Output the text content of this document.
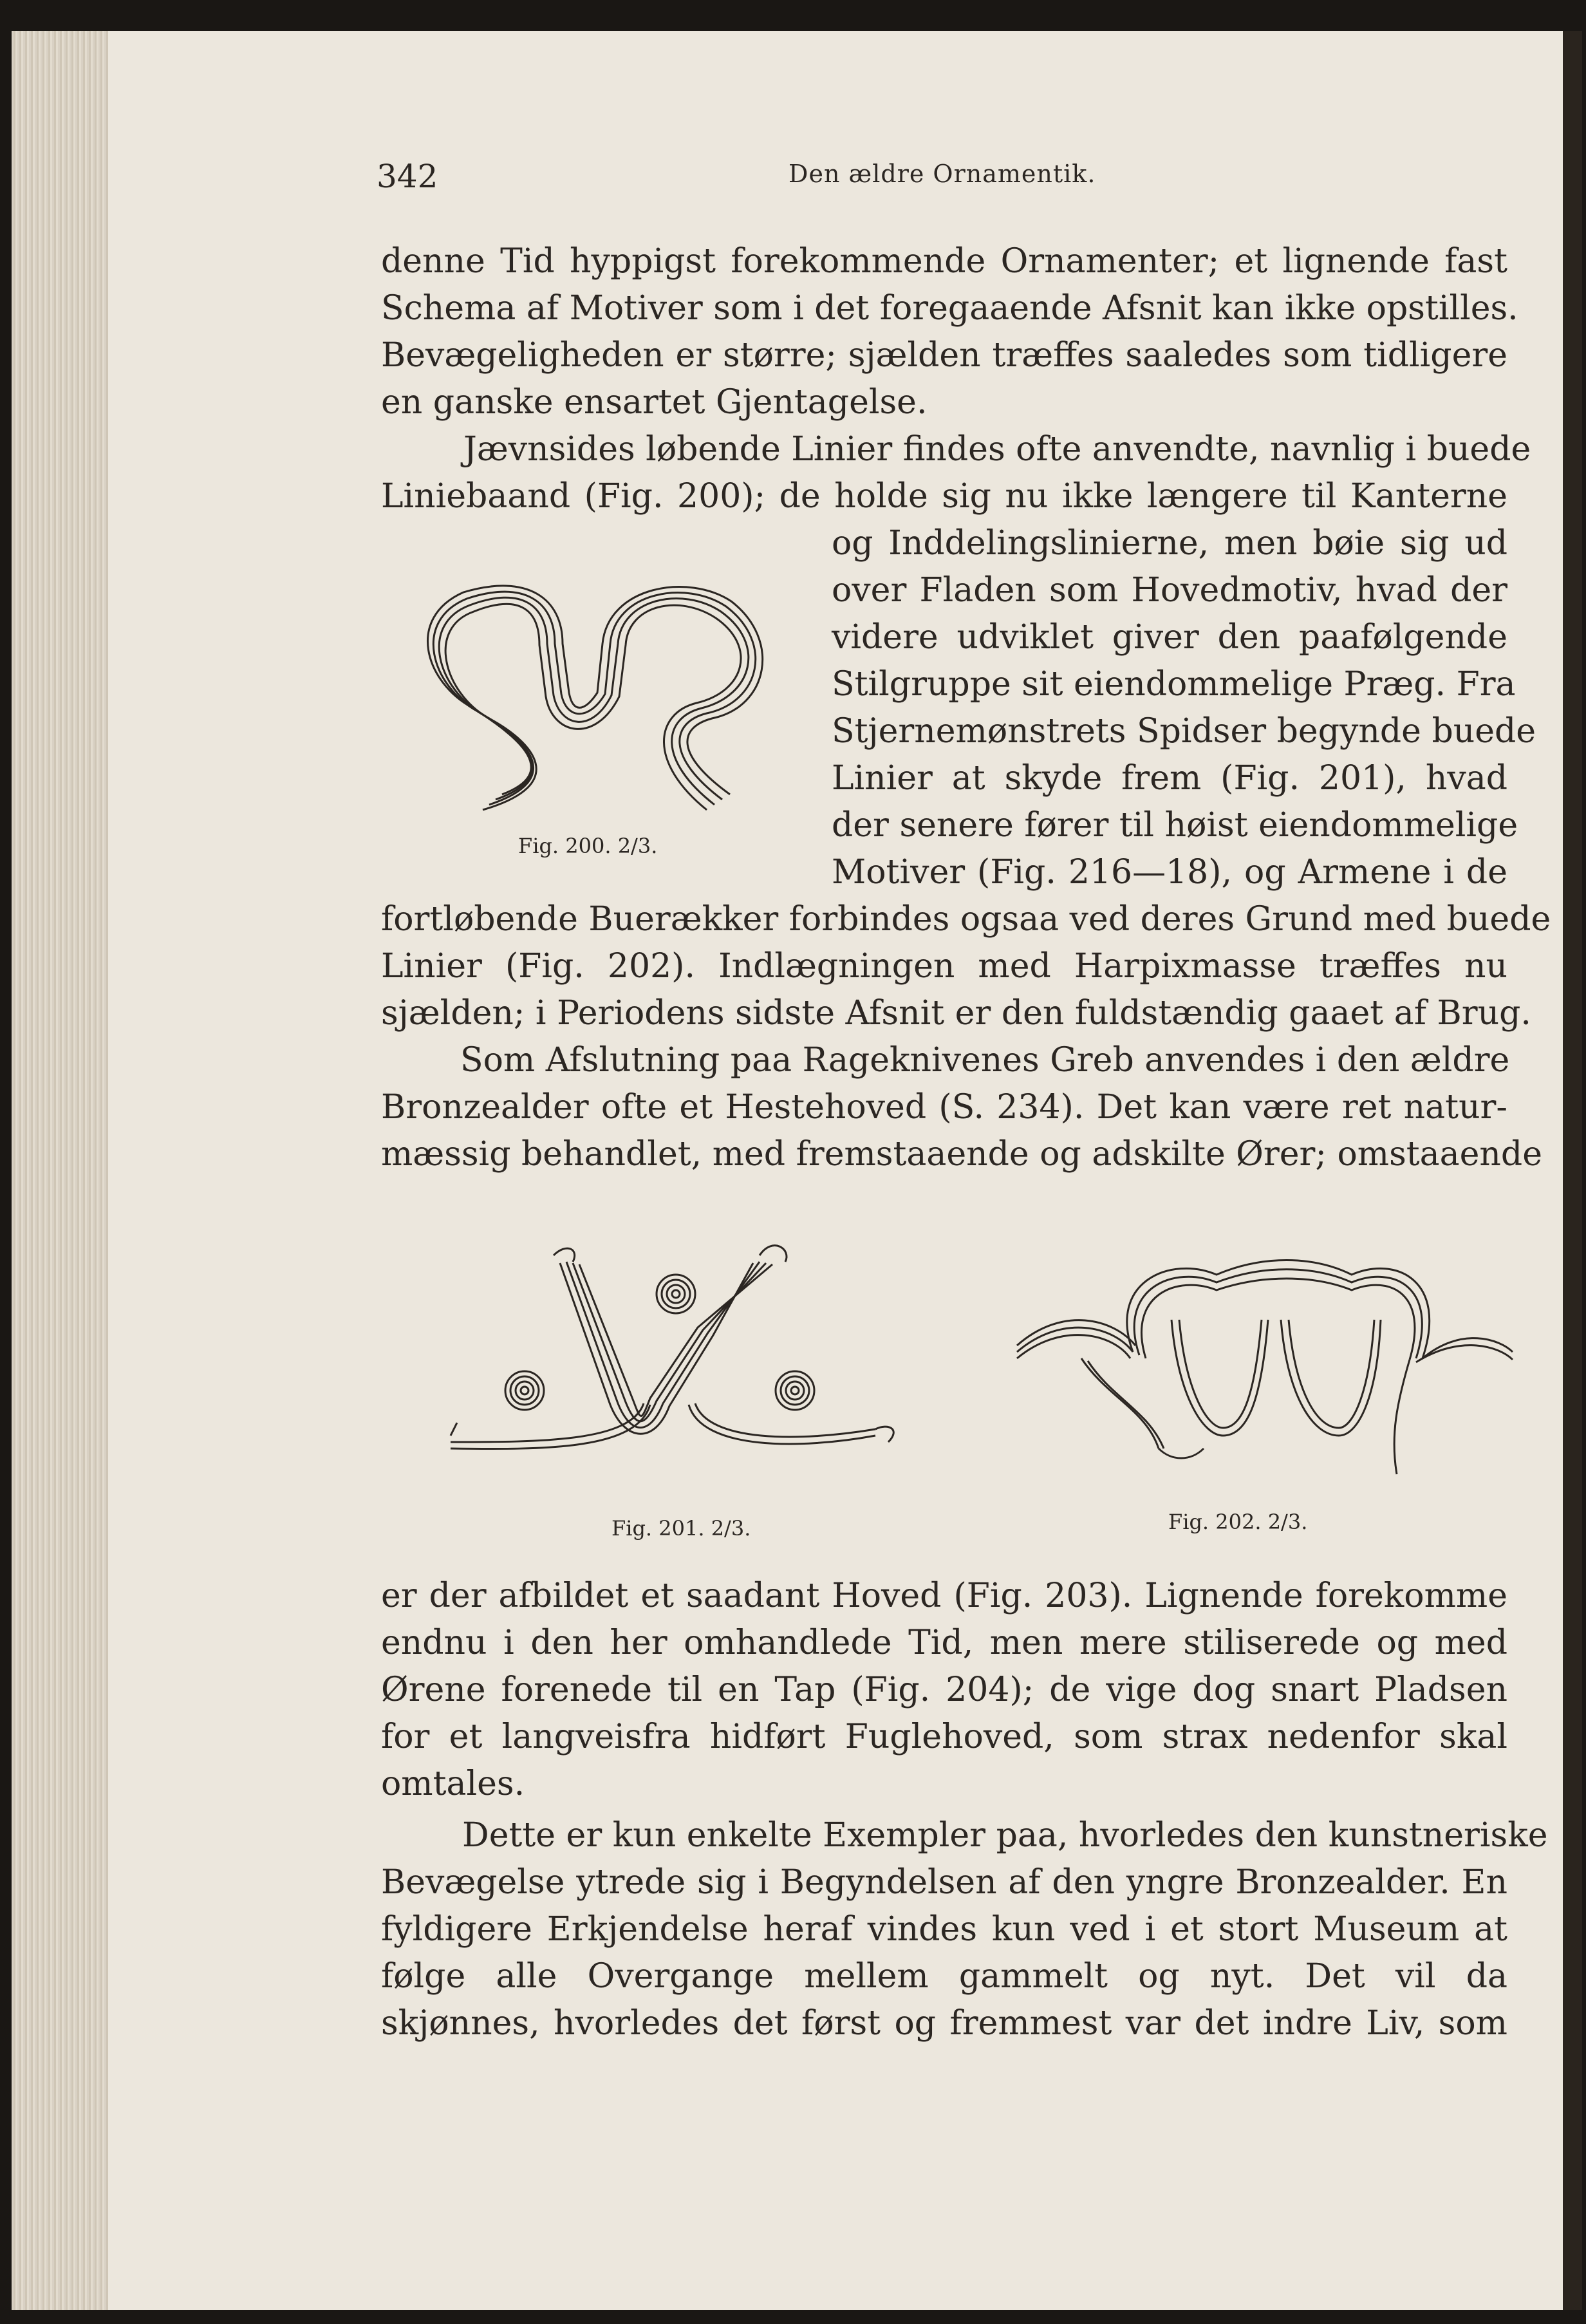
342	Den ældre Ornamentik.
denne Tid hyppigst forekommende Ornamenter; et lignende fast
Schema af Motiver som i det foregaaende Afsnit kan ikke opstilles.
Bevægeligheden er større; sjælden træffes saaledes som tidligere
en ganske ensartet Gjentagelse.
Jævnsides løbende Linier findes ofte anvendte, navnlig i buede
Liniebaand (Fig. 200); de holde sig nu ikke længere til Kanterne
og Inddelingslinierne, men bøie sig ud
over Fladen som Hovedmotiv, hvad der
videre udviklet giver den paafølgende
Stilgruppe sit eiendommelige Præg. Fra
Stjernemønstrets Spidser begynde buede
Linier at skyde frem (Fig. 201), hvad
der senere fører til høist eiendommelige
Motiver (Fig. 216—18), og Armene i de
fortløbende Buerækker forbindes ogsaa ved deres Grund med buede
Linier (Fig. 202). Indlægningen med Harpixmasse træffes nu
sjælden; i Periodens sidste Afsnit er den fuldstændig gaaet af Brug.
Som Afslutning paa Rageknivenes Greb anvendes i den ældre
Bronzealder ofte et Hestehoved (S. 234). Det kan være ret natur-
mæssig behandlet, med fremstaaende og adskilte Ører; omstaaende
Fig. 200. 2/3.
Fig. 201. 2/3.	Fig. 202. 2/3.
er der afbildet et saadant Hoved (Fig. 203). Lignende forekomme
endnu i den her omhandlede Tid, men mere stiliserede og med
Ørene forenede til en Tap (Fig. 204); de vige dog snart Pladsen
for et langveisfra hidført Fuglehoved, som strax nedenfor skal
omtales.
Dette er kun enkelte Exempler paa, hvorledes den kunstneriske
Bevægelse ytrede sig i Begyndelsen af den yngre Bronzealder. En
fyldigere Erkjendelse heraf vindes kun ved i et stort Museum at
følge alle Overgange mellem gammelt og nyt. Det vil da
skjønnes, hvorledes det først og fremmest var det indre Liv, som
